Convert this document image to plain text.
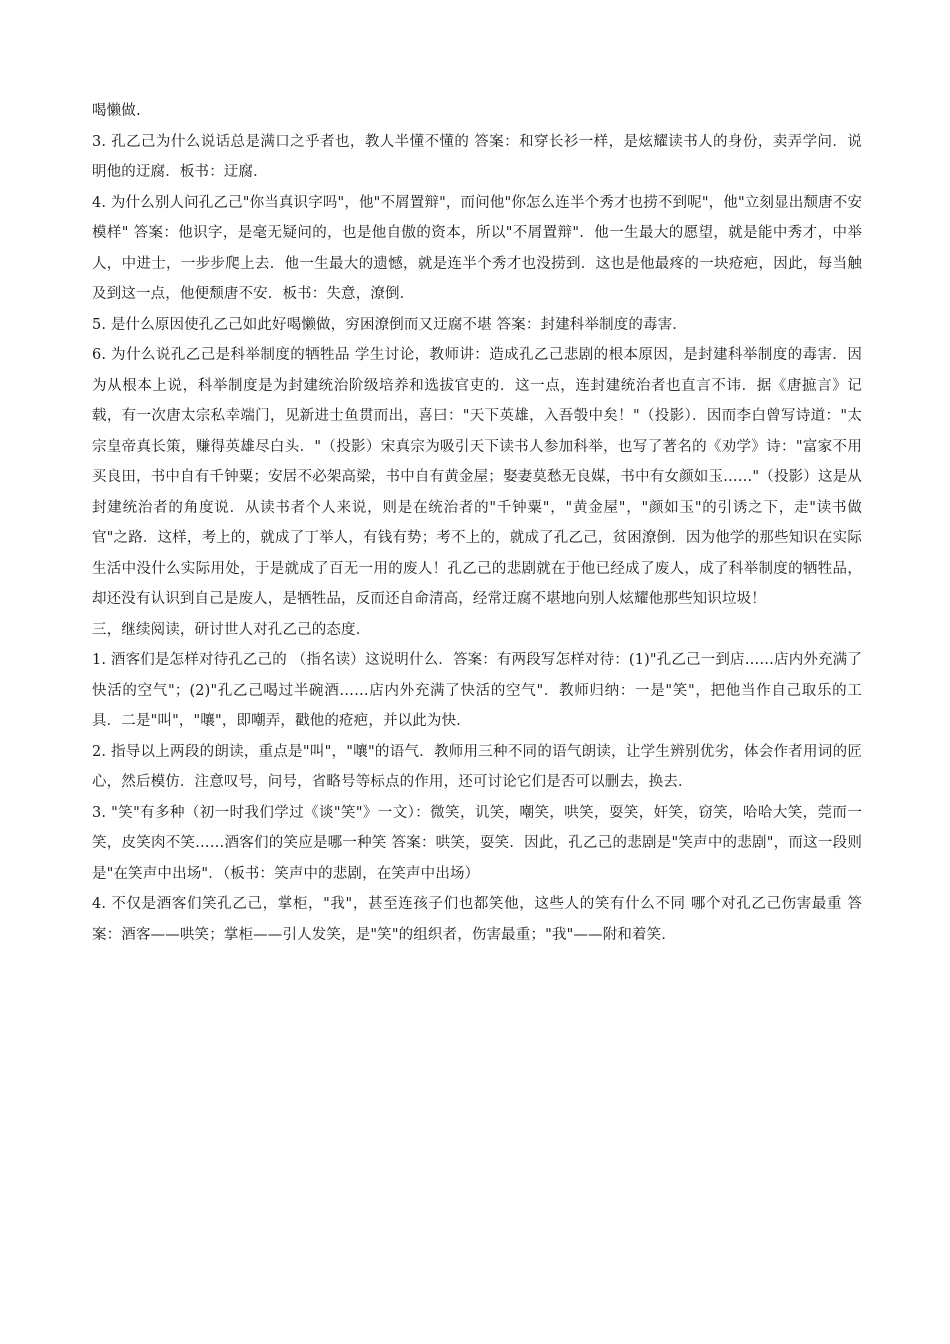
喝懒做.

3. 孔乙己为什么说话总是满口之乎者也，教人半懂不懂的 答案：和穿长衫一样，是炫耀读书人的身份，卖弄学问．说明他的迂腐．板书：迂腐．

4. 为什么别人问孔乙己"你当真识字吗"，他"不屑置辩"，而问他"你怎么连半个秀才也捞不到呢"，他"立刻显出颓唐不安模样" 答案：他识字，是毫无疑问的，也是他自傲的资本，所以"不屑置辩"．他一生最大的愿望，就是能中秀才，中举人，中进士，一步步爬上去．他一生最大的遗憾，就是连半个秀才也没捞到．这也是他最疼的一块疮疤，因此，每当触及到这一点，他便颓唐不安．板书：失意，潦倒．

5. 是什么原因使孔乙己如此好喝懒做，穷困潦倒而又迂腐不堪 答案：封建科举制度的毒害．

6. 为什么说孔乙己是科举制度的牺牲品 学生讨论，教师讲：造成孔乙己悲剧的根本原因，是封建科举制度的毒害．因为从根本上说，科举制度是为封建统治阶级培养和选拔官吏的．这一点，连封建统治者也直言不讳．据《唐摭言》记载，有一次唐太宗私幸端门，见新进士鱼贯而出，喜曰："天下英雄，入吾彀中矣！"（投影）．因而李白曾写诗道："太宗皇帝真长策，赚得英雄尽白头．"（投影）宋真宗为吸引天下读书人参加科举，也写了著名的《劝学》诗："富家不用买良田，书中自有千钟粟；安居不必架高梁，书中自有黄金屋；娶妻莫愁无良媒，书中有女颜如玉……"（投影）这是从封建统治者的角度说．从读书者个人来说，则是在统治者的"千钟粟"，"黄金屋"，"颜如玉"的引诱之下，走"读书做官"之路．这样，考上的，就成了丁举人，有钱有势；考不上的，就成了孔乙己，贫困潦倒．因为他学的那些知识在实际生活中没什么实际用处，于是就成了百无一用的废人！孔乙己的悲剧就在于他已经成了废人，成了科举制度的牺牲品，却还没有认识到自己是废人，是牺牲品，反而还自命清高，经常迂腐不堪地向别人炫耀他那些知识垃圾！

三，继续阅读，研讨世人对孔乙己的态度．

1. 酒客们是怎样对待孔乙己的 （指名读）这说明什么．答案：有两段写怎样对待：(1)"孔乙己一到店……店内外充满了快活的空气"；(2)"孔乙己喝过半碗酒……店内外充满了快活的空气"．教师归纳：一是"笑"，把他当作自己取乐的工具．二是"叫"，"嚷"，即嘲弄，戳他的疮疤，并以此为快．

2. 指导以上两段的朗读，重点是"叫"，"嚷"的语气．教师用三种不同的语气朗读，让学生辨别优劣，体会作者用词的匠心，然后模仿．注意叹号，问号，省略号等标点的作用，还可讨论它们是否可以删去，换去．

3. "笑"有多种（初一时我们学过《谈"笑"》一文）：微笑，讥笑，嘲笑，哄笑，耍笑，奸笑，窃笑，哈哈大笑，莞而一笑，皮笑肉不笑……酒客们的笑应是哪一种笑 答案：哄笑，耍笑．因此，孔乙己的悲剧是"笑声中的悲剧"，而这一段则是"在笑声中出场"．（板书：笑声中的悲剧，在笑声中出场）

4. 不仅是酒客们笑孔乙己，掌柜，"我"，甚至连孩子们也都笑他，这些人的笑有什么不同 哪个对孔乙己伤害最重 答案：酒客——哄笑；掌柜——引人发笑，是"笑"的组织者，伤害最重；"我"——附和着笑．
